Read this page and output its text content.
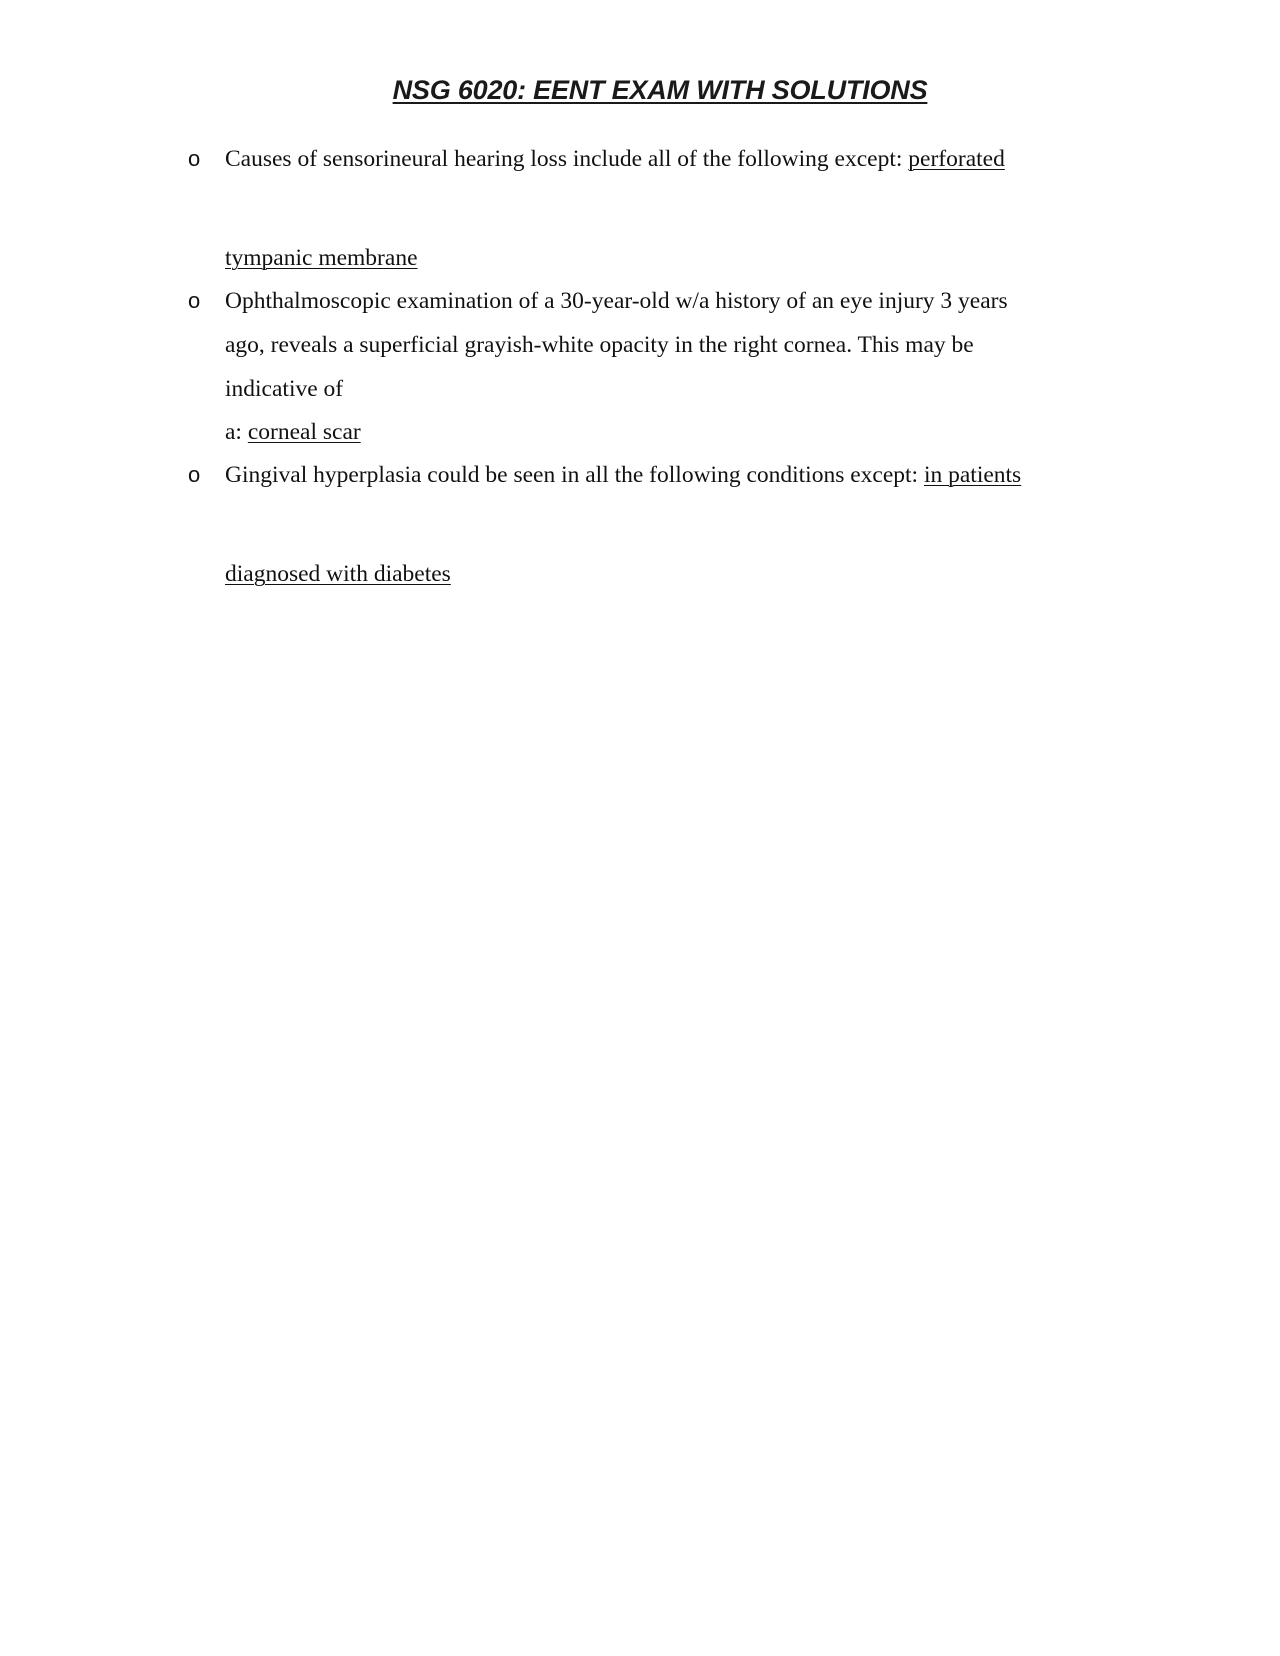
NSG 6020: EENT EXAM WITH SOLUTIONS
o Causes of sensorineural hearing loss include all of the following except: perforated
tympanic membrane
o Ophthalmoscopic examination of a 30-year-old w/a history of an eye injury 3 years
ago, reveals a superficial grayish-white opacity in the right cornea. This may be
indicative of
a: corneal scar
o Gingival hyperplasia could be seen in all the following conditions except: in patients
diagnosed with diabetes
